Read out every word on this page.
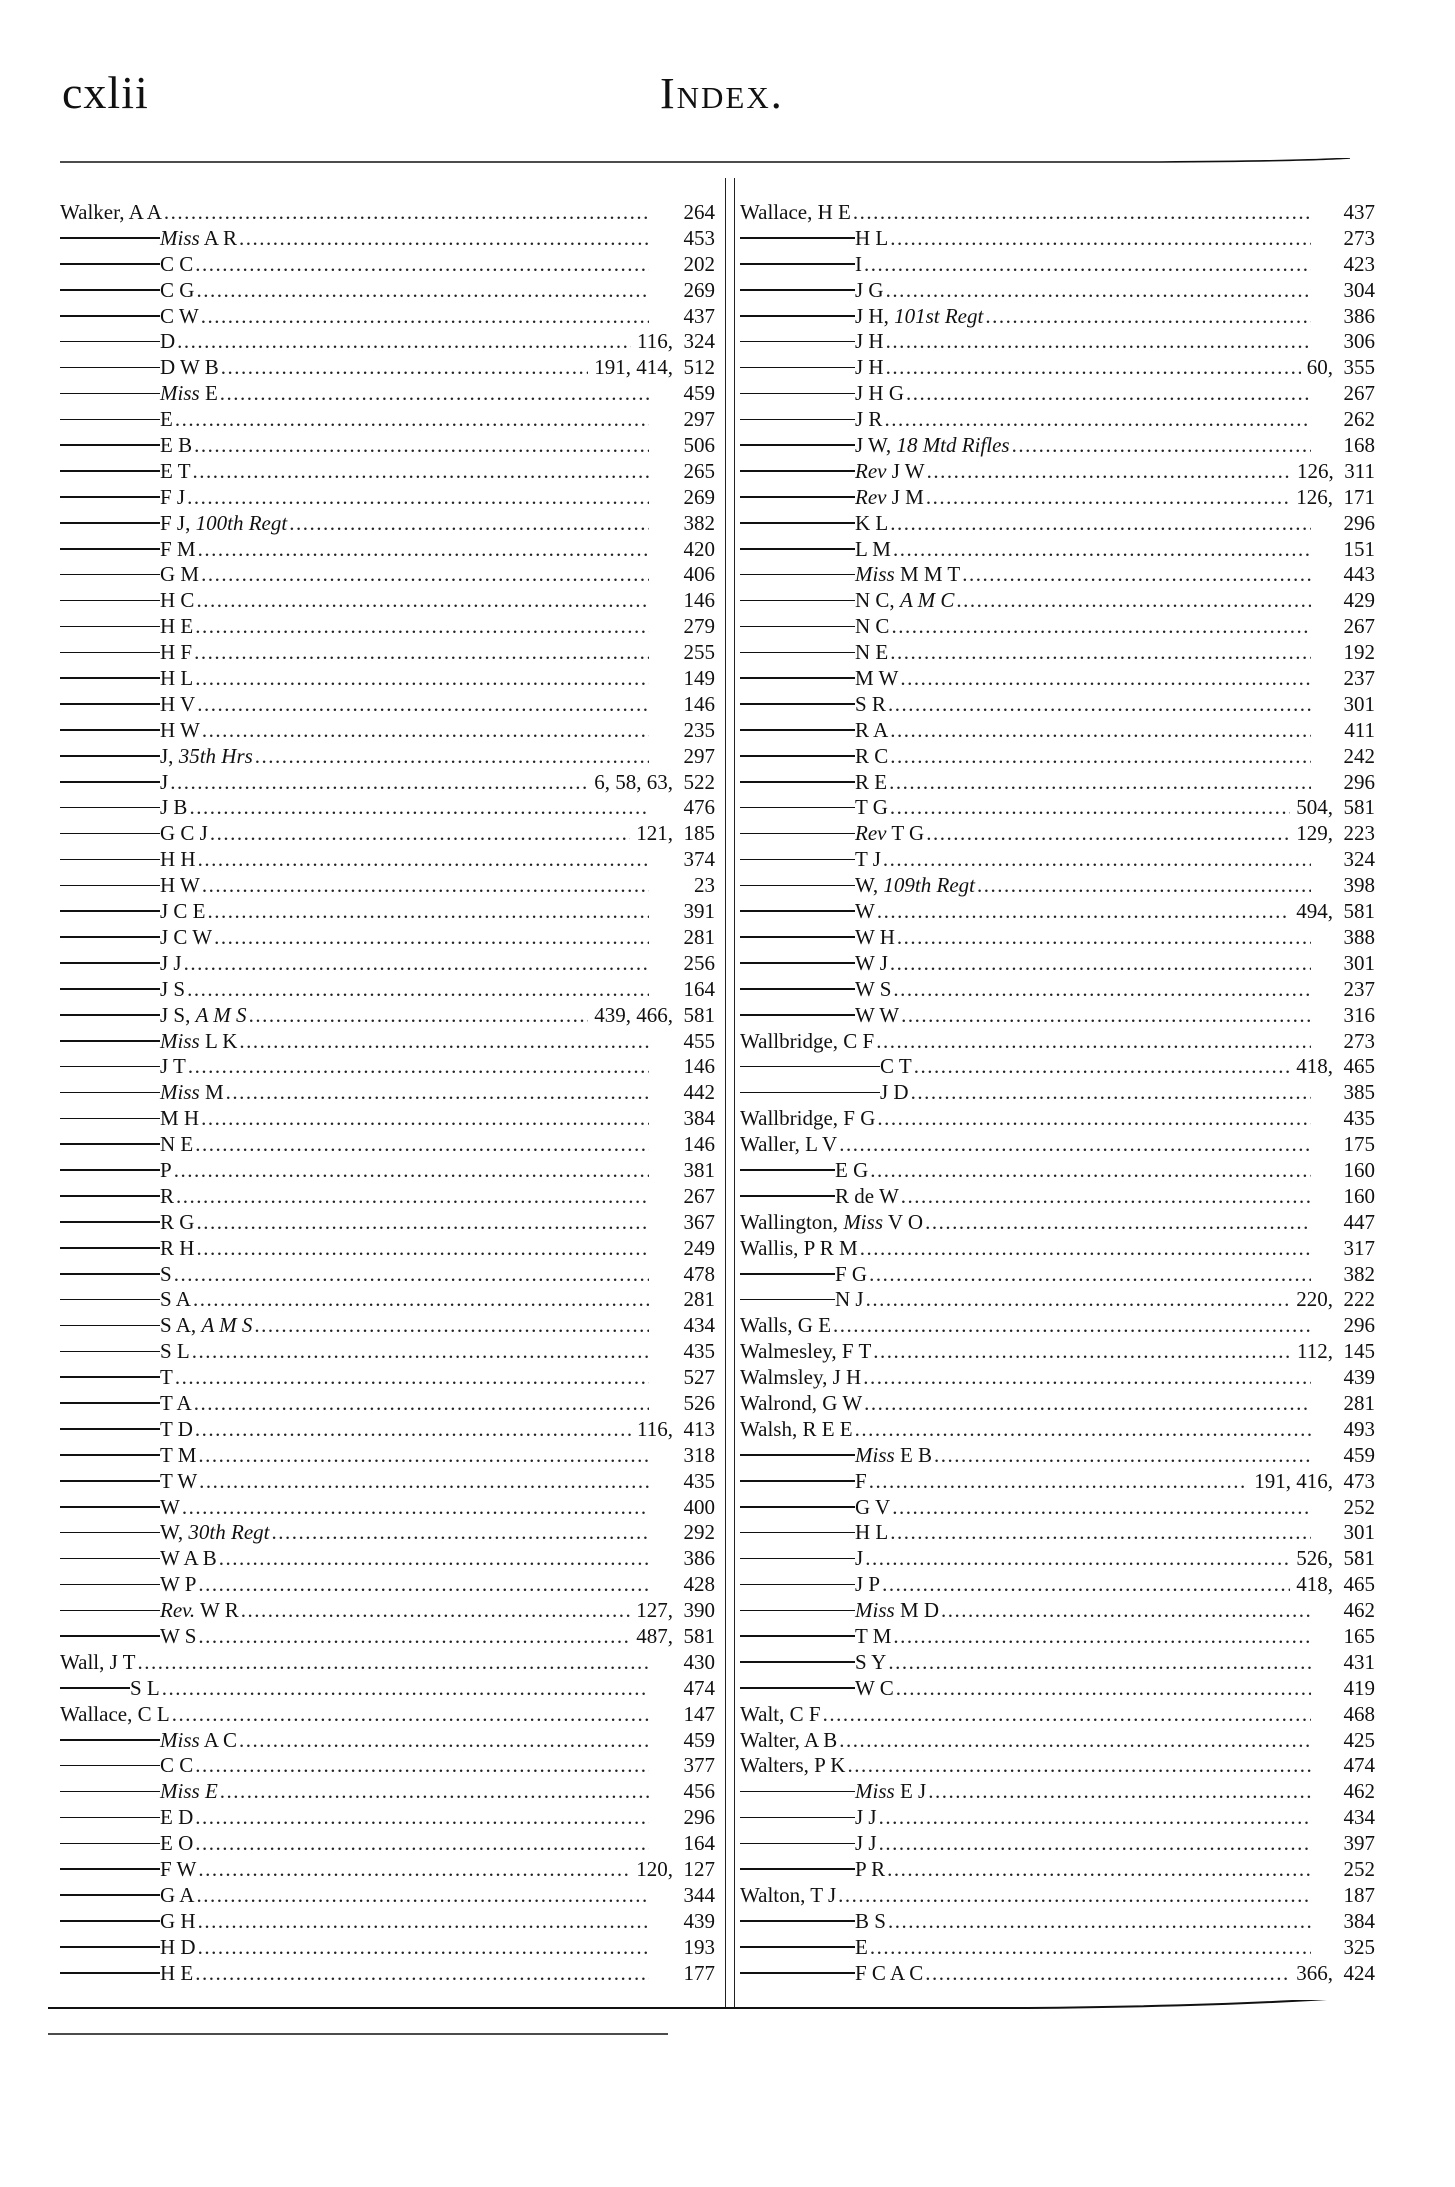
cxlii	Index.
Walker, A A .....	264
Miss A R .....	453
C C .....	202
C G .....	269
C W .....	437
D .....	116,  324
D W B .....	191, 414,  512
Miss E .....	459
E .....	297
E B .....	506
E T .....	265
F J .....	269
F J, 100th Regt .....	382
F M .....	420
G M .....	406
H C .....	146
H E .....	279
H F .....	255
H L .....	149
H V .....	146
H W .....	235
J, 35th Hrs .....	297
J .....	6, 58, 63,  522
J B .....	476
G C J .....	121,  185
H H .....	374
H W .....	23
J C E .....	391
J C W .....	281
J J .....	256
J S .....	164
J S, A M S .....	439, 466,  581
Miss L K .....	455
J T .....	146
Miss M .....	442
M H .....	384
N E .....	146
P .....	381
R .....	267
R G .....	367
R H .....	249
S .....	478
S A .....	281
S A, A M S .....	434
S L .....	435
T .....	527
T A .....	526
T D .....	116,  413
T M .....	318
T W .....	435
W .....	400
W, 30th Regt .....	292
W A B .....	386
W P .....	428
Rev. W R .....	127,  390
W S .....	487,  581
Wall, J T .....	430
S L .....	474
Wallace, C L .....	147
Miss A C .....	459
C C .....	377
Miss E .....	456
E D .....	296
E O .....	164
F W .....	120,  127
G A .....	344
G H .....	439
H D .....	193
H E .....	177
Wallace, H E .....	437
H L .....	273
I .....	423
J G .....	304
J H, 101st Regt .....	386
J H .....	306
J H .....	60,  355
J H G .....	267
J R .....	262
J W, 18 Mtd Rifles .....	168
Rev J W .....	126,  311
Rev J M .....	126,  171
K L .....	296
L M .....	151
Miss M M T .....	443
N C, A M C .....	429
N C .....	267
N E .....	192
M W .....	237
S R .....	301
R A .....	411
R C .....	242
R E .....	296
T G .....	504,  581
Rev T G .....	129,  223
T J .....	324
W, 109th Regt .....	398
W .....	494,  581
W H .....	388
W J .....	301
W S .....	237
W W .....	316
Wallbridge, C F .....	273
C T .....	418,  465
J D .....	385
Wallbridge, F G .....	435
Waller, L V .....	175
E G .....	160
R de W .....	160
Wallington, Miss V O .....	447
Wallis, P R M .....	317
F G .....	382
N J .....	220,  222
Walls, G E .....	296
Walmesley, F T .....	112,  145
Walmsley, J H .....	439
Walrond, G W .....	281
Walsh, R E E .....	493
Miss E B .....	459
F .....	191, 416,  473
G V .....	252
H L .....	301
J .....	526,  581
J P .....	418,  465
Miss M D .....	462
T M .....	165
S Y .....	431
W C .....	419
Walt, C F .....	468
Walter, A B .....	425
Walters, P K .....	474
Miss E J .....	462
J J .....	434
J J .....	397
P R .....	252
Walton, T J .....	187
B S .....	384
E .....	325
F C A C .....	366,  424
